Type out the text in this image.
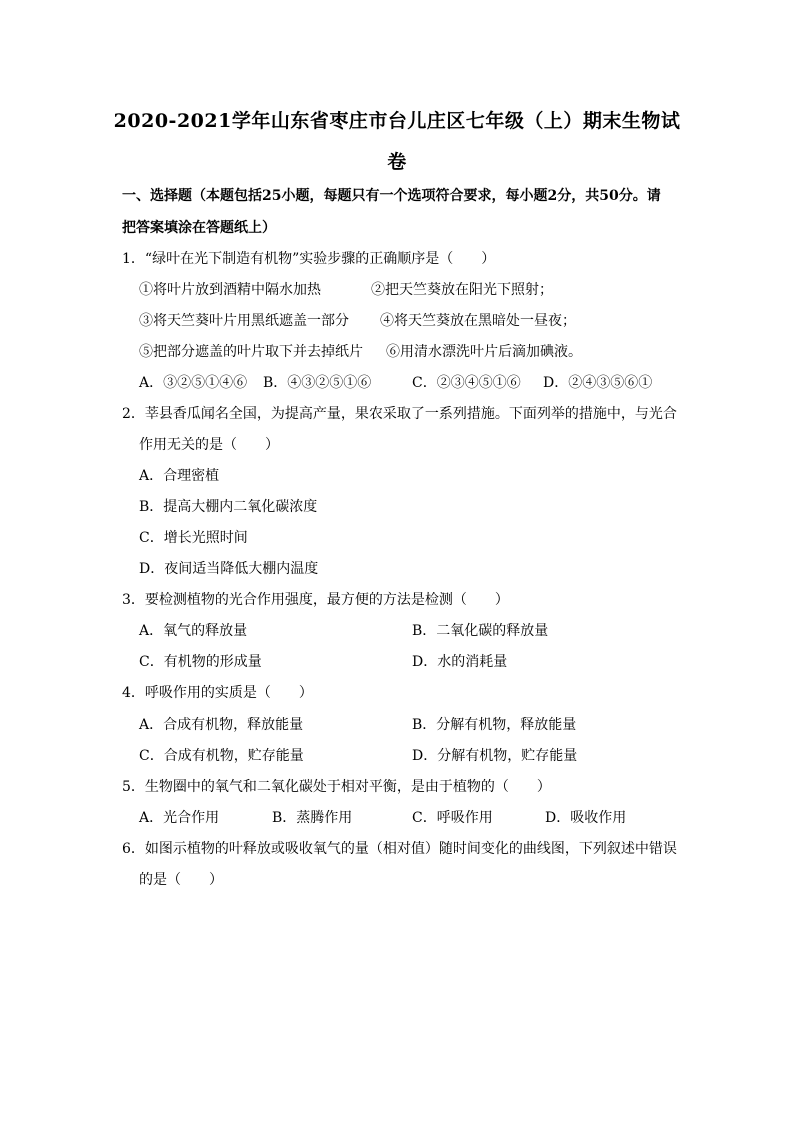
2020-2021学年山东省枣庄市台儿庄区七年级（上）期末生物试
卷
一、选择题（本题包括25小题，每题只有一个选项符合要求，每小题2分，共50分。请
把答案填涂在答题纸上）
1．“绿叶在光下制造有机物”实验步骤的正确顺序是（　　）
①将叶片放到酒精中隔水加热	②把天竺葵放在阳光下照射；
③将天竺葵叶片用黑纸遮盖一部分 ④将天竺葵放在黑暗处一昼夜；
⑤把部分遮盖的叶片取下并去掉纸片 ⑥用清水漂洗叶片后滴加碘液。
A．③②⑤①④⑥ B．④③②⑤①⑥	C．②③④⑤①⑥ D．②④③⑤⑥①
2．莘县香瓜闻名全国，为提高产量，果农采取了一系列措施。下面列举的措施中，与光合
作用无关的是（　　）
A．合理密植
B．提高大棚内二氧化碳浓度
C．增长光照时间
D．夜间适当降低大棚内温度
3．要检测植物的光合作用强度，最方便的方法是检测（　　）
A．氧气的释放量	B．二氧化碳的释放量
C．有机物的形成量	D．水的消耗量
4．呼吸作用的实质是（　　）
A．合成有机物，释放能量	B．分解有机物，释放能量
C．合成有机物，贮存能量	D．分解有机物，贮存能量
5．生物圈中的氧气和二氧化碳处于相对平衡，是由于植物的（　　）
A．光合作用	B．蒸腾作用	C．呼吸作用	D．吸收作用
6．如图示植物的叶释放或吸收氧气的量（相对值）随时间变化的曲线图，下列叙述中错误
的是（　　）
